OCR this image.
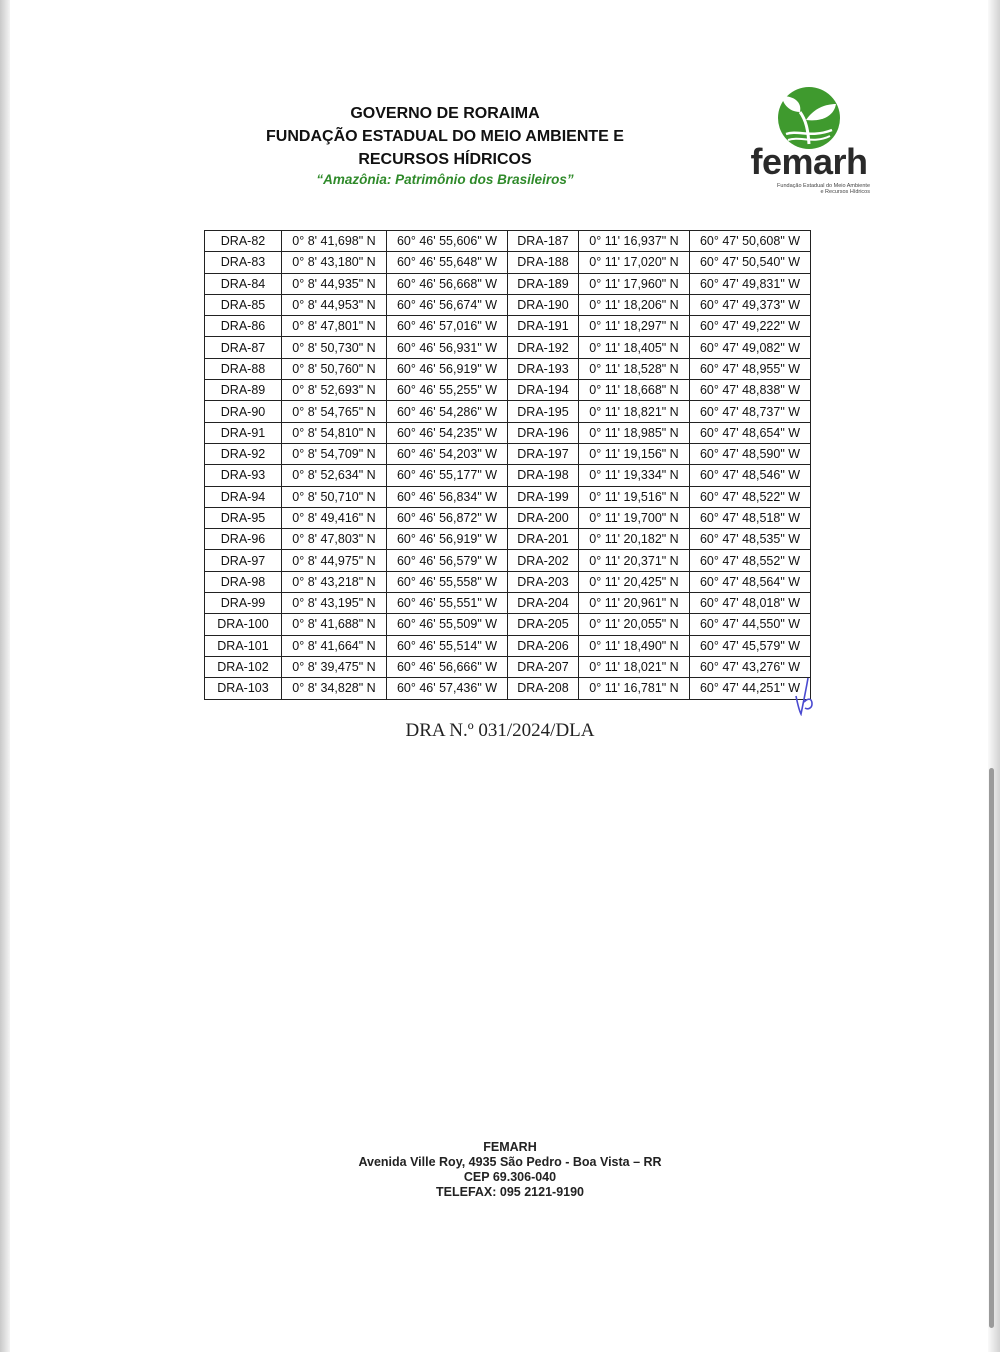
GOVERNO DE RORAIMA
FUNDAÇÃO ESTADUAL DO MEIO AMBIENTE E
RECURSOS HÍDRICOS
“Amazônia: Patrimônio dos Brasileiros”	femarh
Fundação Estadual do Meio Ambiente
e Recursos Hídricos
DRA-82	0° 8' 41,698" N	60° 46' 55,606" W	DRA-187	0° 11' 16,937" N	60° 47' 50,608" W
DRA-83	0° 8' 43,180" N	60° 46' 55,648" W	DRA-188	0° 11' 17,020" N	60° 47' 50,540" W
DRA-84	0° 8' 44,935" N	60° 46' 56,668" W	DRA-189	0° 11' 17,960" N	60° 47' 49,831" W
DRA-85	0° 8' 44,953" N	60° 46' 56,674" W	DRA-190	0° 11' 18,206" N	60° 47' 49,373" W
DRA-86	0° 8' 47,801" N	60° 46' 57,016" W	DRA-191	0° 11' 18,297" N	60° 47' 49,222" W
DRA-87	0° 8' 50,730" N	60° 46' 56,931" W	DRA-192	0° 11' 18,405" N	60° 47' 49,082" W
DRA-88	0° 8' 50,760" N	60° 46' 56,919" W	DRA-193	0° 11' 18,528" N	60° 47' 48,955" W
DRA-89	0° 8' 52,693" N	60° 46' 55,255" W	DRA-194	0° 11' 18,668" N	60° 47' 48,838" W
DRA-90	0° 8' 54,765" N	60° 46' 54,286" W	DRA-195	0° 11' 18,821" N	60° 47' 48,737" W
DRA-91	0° 8' 54,810" N	60° 46' 54,235" W	DRA-196	0° 11' 18,985" N	60° 47' 48,654" W
DRA-92	0° 8' 54,709" N	60° 46' 54,203" W	DRA-197	0° 11' 19,156" N	60° 47' 48,590" W
DRA-93	0° 8' 52,634" N	60° 46' 55,177" W	DRA-198	0° 11' 19,334" N	60° 47' 48,546" W
DRA-94	0° 8' 50,710" N	60° 46' 56,834" W	DRA-199	0° 11' 19,516" N	60° 47' 48,522" W
DRA-95	0° 8' 49,416" N	60° 46' 56,872" W	DRA-200	0° 11' 19,700" N	60° 47' 48,518" W
DRA-96	0° 8' 47,803" N	60° 46' 56,919" W	DRA-201	0° 11' 20,182" N	60° 47' 48,535" W
DRA-97	0° 8' 44,975" N	60° 46' 56,579" W	DRA-202	0° 11' 20,371" N	60° 47' 48,552" W
DRA-98	0° 8' 43,218" N	60° 46' 55,558" W	DRA-203	0° 11' 20,425" N	60° 47' 48,564" W
DRA-99	0° 8' 43,195" N	60° 46' 55,551" W	DRA-204	0° 11' 20,961" N	60° 47' 48,018" W
DRA-100	0° 8' 41,688" N	60° 46' 55,509" W	DRA-205	0° 11' 20,055" N	60° 47' 44,550" W
DRA-101	0° 8' 41,664" N	60° 46' 55,514" W	DRA-206	0° 11' 18,490" N	60° 47' 45,579" W
DRA-102	0° 8' 39,475" N	60° 46' 56,666" W	DRA-207	0° 11' 18,021" N	60° 47' 43,276" W
DRA-103	0° 8' 34,828" N	60° 46' 57,436" W	DRA-208	0° 11' 16,781" N	60° 47' 44,251" W
DRA N.º 031/2024/DLA
FEMARH
Avenida Ville Roy, 4935 São Pedro - Boa Vista – RR
CEP 69.306-040
TELEFAX: 095 2121-9190
